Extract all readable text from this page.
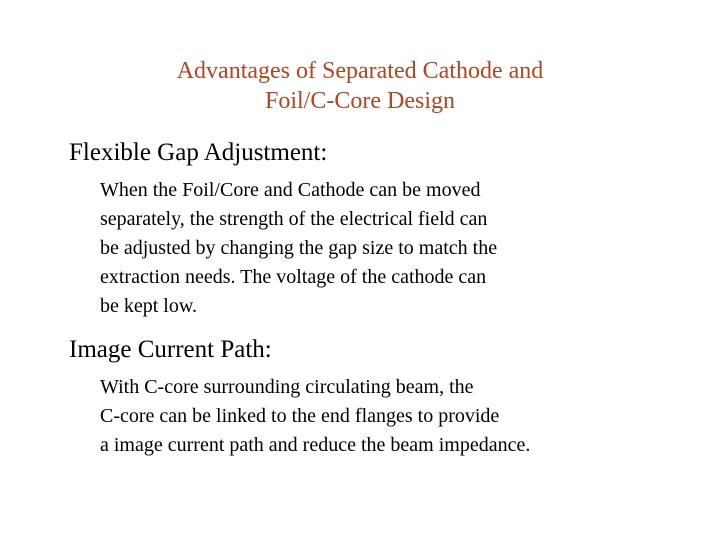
Advantages of Separated Cathode and
Foil/C-Core Design

Flexible Gap Adjustment:

When the Foil/Core and Cathode can be moved
separately, the strength of the electrical field can
be adjusted by changing the gap size to match the
extraction needs. The voltage of the cathode can
be kept low.

Image Current Path:

With C-core surrounding circulating beam, the
C-core can be linked to the end flanges to provide
a image current path and reduce the beam impedance.
